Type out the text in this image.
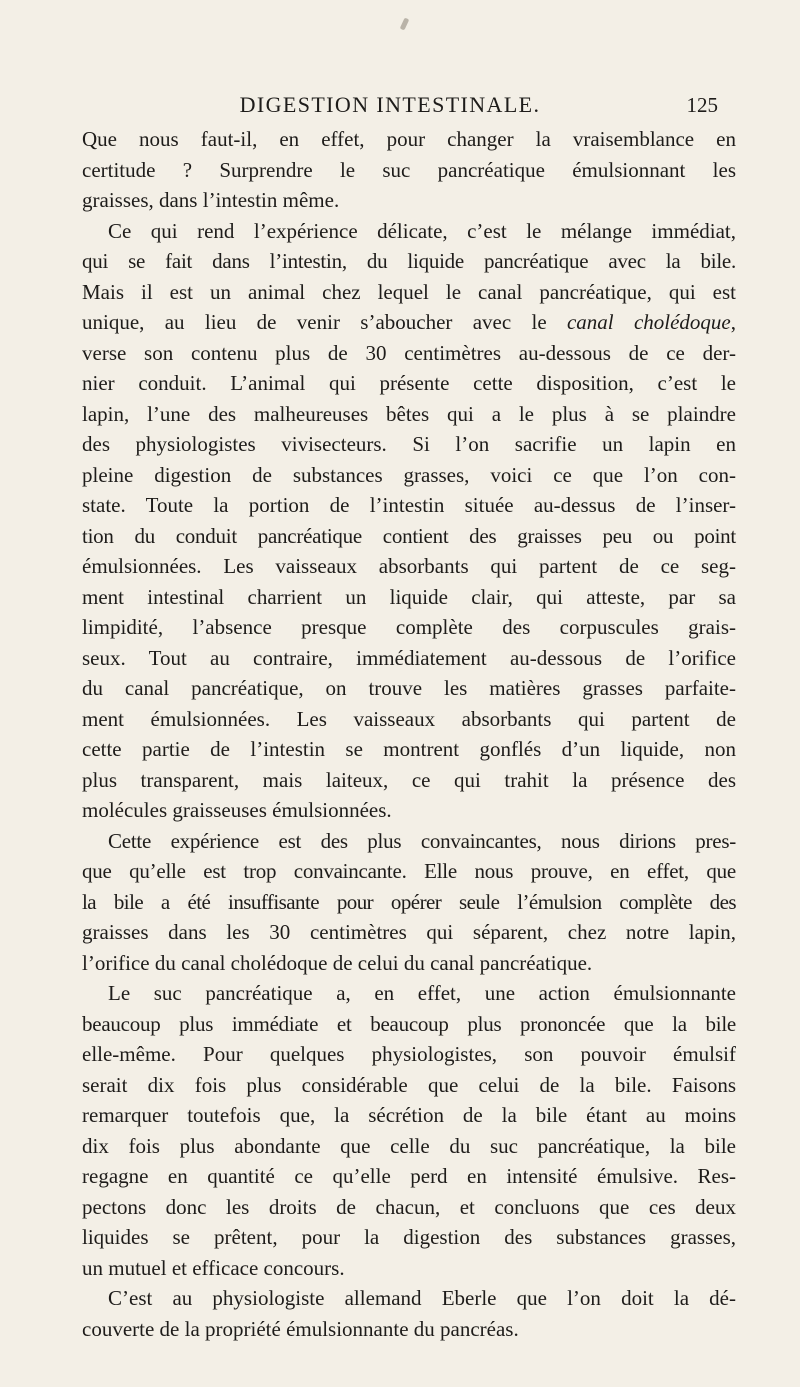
DIGESTION INTESTINALE.	125
Que nous faut-il, en effet, pour changer la vraisemblance en
certitude ? Surprendre le suc pancréatique émulsionnant les
graisses, dans l’intestin même.
Ce qui rend l’expérience délicate, c’est le mélange immédiat,
qui se fait dans l’intestin, du liquide pancréatique avec la bile.
Mais il est un animal chez lequel le canal pancréatique, qui est
unique, au lieu de venir s’aboucher avec le canal cholédoque,
verse son contenu plus de 30 centimètres au-dessous de ce der-
nier conduit. L’animal qui présente cette disposition, c’est le
lapin, l’une des malheureuses bêtes qui a le plus à se plaindre
des physiologistes vivisecteurs. Si l’on sacrifie un lapin en
pleine digestion de substances grasses, voici ce que l’on con-
state. Toute la portion de l’intestin située au-dessus de l’inser-
tion du conduit pancréatique contient des graisses peu ou point
émulsionnées. Les vaisseaux absorbants qui partent de ce seg-
ment intestinal charrient un liquide clair, qui atteste, par sa
limpidité, l’absence presque complète des corpuscules grais-
seux. Tout au contraire, immédiatement au-dessous de l’orifice
du canal pancréatique, on trouve les matières grasses parfaite-
ment émulsionnées. Les vaisseaux absorbants qui partent de
cette partie de l’intestin se montrent gonflés d’un liquide, non
plus transparent, mais laiteux, ce qui trahit la présence des
molécules graisseuses émulsionnées.
Cette expérience est des plus convaincantes, nous dirions pres-
que qu’elle est trop convaincante. Elle nous prouve, en effet, que
la bile a été insuffisante pour opérer seule l’émulsion complète des
graisses dans les 30 centimètres qui séparent, chez notre lapin,
l’orifice du canal cholédoque de celui du canal pancréatique.
Le suc pancréatique a, en effet, une action émulsionnante
beaucoup plus immédiate et beaucoup plus prononcée que la bile
elle-même. Pour quelques physiologistes, son pouvoir émulsif
serait dix fois plus considérable que celui de la bile. Faisons
remarquer toutefois que, la sécrétion de la bile étant au moins
dix fois plus abondante que celle du suc pancréatique, la bile
regagne en quantité ce qu’elle perd en intensité émulsive. Res-
pectons donc les droits de chacun, et concluons que ces deux
liquides se prêtent, pour la digestion des substances grasses,
un mutuel et efficace concours.
C’est au physiologiste allemand Eberle que l’on doit la dé-
couverte de la propriété émulsionnante du pancréas.
